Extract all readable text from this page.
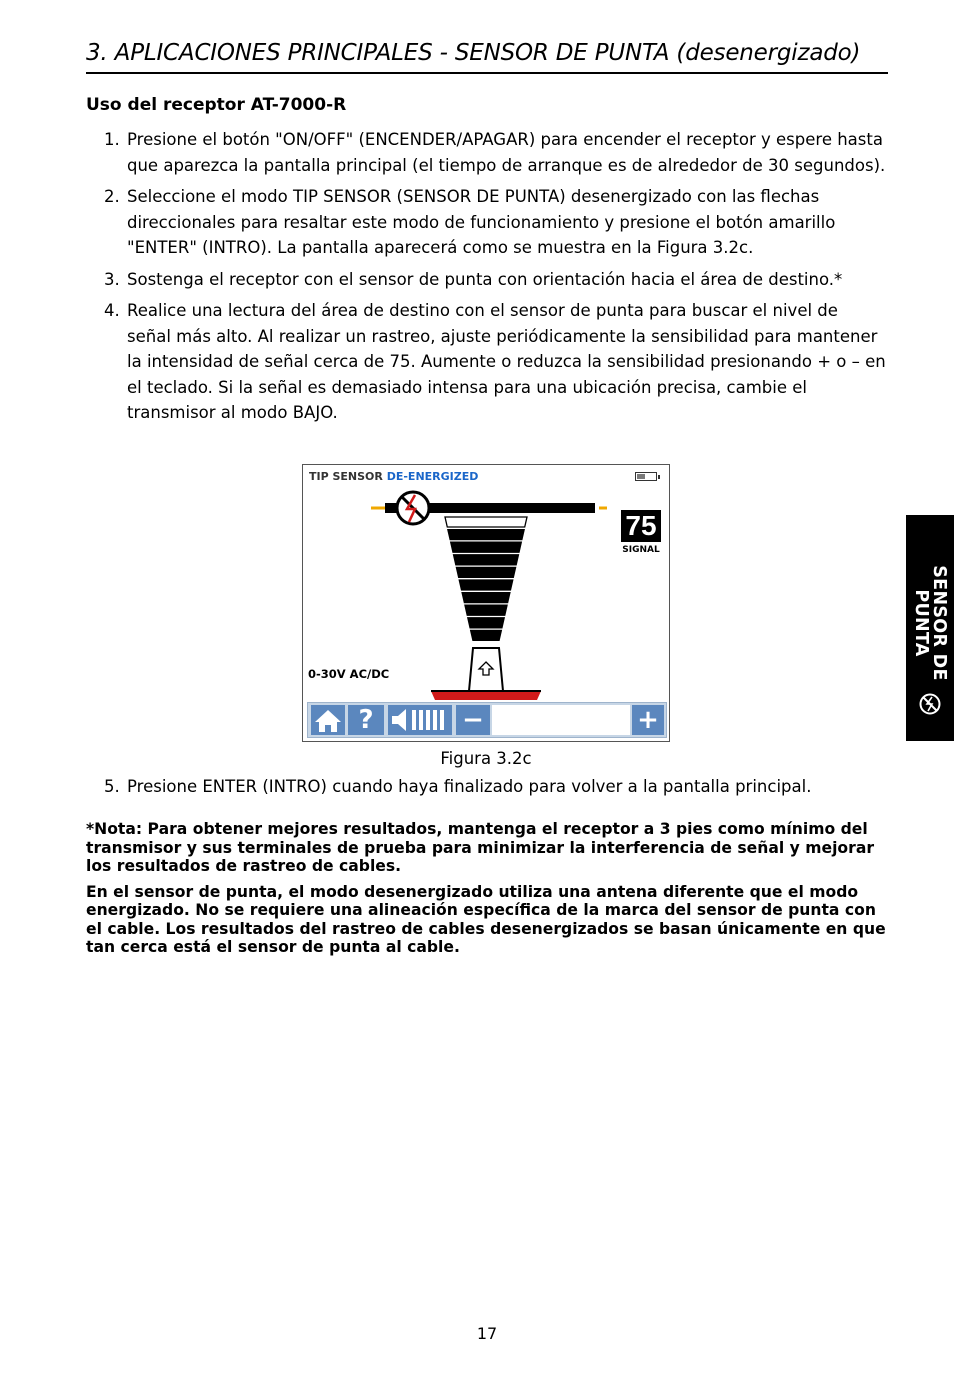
3. APLICACIONES PRINCIPALES - SENSOR DE PUNTA (desenergizado)
Uso del receptor AT-7000-R
1. Presione el botón "ON/OFF" (ENCENDER/APAGAR) para encender el receptor y espere hasta que aparezca la pantalla principal (el tiempo de arranque es de alrededor de 30 segundos).
2. Seleccione el modo TIP SENSOR (SENSOR DE PUNTA) desenergizado con las flechas direccionales para resaltar este modo de funcionamiento y presione el botón amarillo "ENTER" (INTRO). La pantalla aparecerá como se muestra en la Figura 3.2c.
3. Sostenga el receptor con el sensor de punta con orientación hacia el área de destino.*
4. Realice una lectura del área de destino con el sensor de punta para buscar el nivel de señal más alto. Al realizar un rastreo, ajuste periódicamente la sensibilidad para mantener la intensidad de señal cerca de 75. Aumente o reduzca la sensibilidad presionando + o – en el teclado. Si la señal es demasiado intensa para una ubicación precisa, cambie el transmisor al modo BAJO.
TIP SENSOR DE-ENERGIZED
75
SIGNAL
0-30V AC/DC
?	−	+
Figura 3.2c
5. Presione ENTER (INTRO) cuando haya finalizado para volver a la pantalla principal.

*Nota: Para obtener mejores resultados, mantenga el receptor a 3 pies como mínimo del transmisor y sus terminales de prueba para minimizar la interferencia de señal y mejorar los resultados de rastreo de cables.

En el sensor de punta, el modo desenergizado utiliza una antena diferente que el modo energizado. No se requiere una alineación específica de la marca del sensor de punta con el cable. Los resultados del rastreo de cables desenergizados se basan únicamente en que tan cerca está el sensor de punta al cable.

SENSOR DE
PUNTA
17
